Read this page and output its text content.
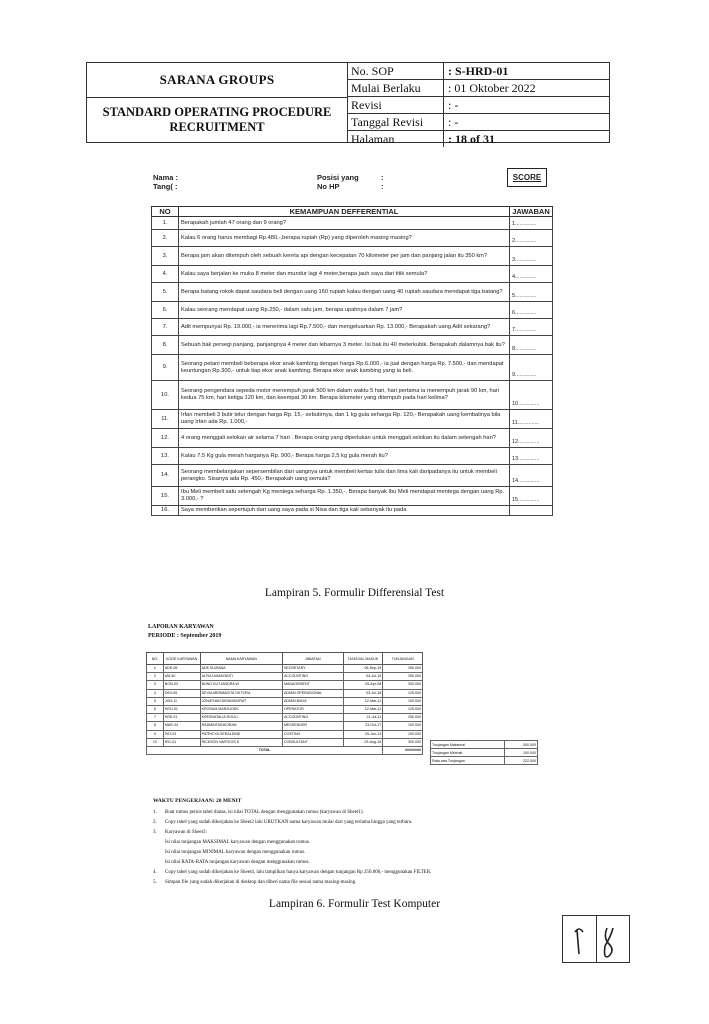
SARANA GROUPS
STANDARD OPERATING PROCEDURE
RECRUITMENT
No. SOP	: S-HRD-01
Mulai Berlaku	: 01 Oktober 2022
Revisi	: -
Tanggal Revisi	: -
Halaman	: 18 of 31
Nama :
Tang( :
Posisi yang	:
No HP	:
SCORE
NO	KEMAMPUAN DEFFERENTIAL	JAWABAN
1.	Berapakah jumlah 47 orang dan 9 orang?	1..............
2.	Kalau 6 orang harus membagi Rp.480,-,berapa rupiah (Rp) yang diperoleh masing masing?	2..............
3.	Berapa jam akan ditempuh oleh sebuah kereta api dengan kecepatan 70 kilometer per jam dan panjang jalan itu 350 km?	3..............
4.	Kalau saya berjalan ke muka 8 meter dan mundur lagi 4 meter,berapa jauh saya dari titik semula?	4..............
5.	Berapa batang rokok dapat saudara beli dengan uang 160 rupiah kalau dengan uang 40 rupiah saudara mendapat tiga batang?	5..............
6.	Kalau seorang mendapat uang Rp.250,- dalam satu jam, berapa upahnya dalam 7 jam?	6..............
7.	Adit mempunyai Rp. 19.000,- ia menerima lagi Rp.7.500,- dan mengeluarkan Rp. 13.000,- Berapakah uang Adit sekarang?	7..............
8.	Sebuah bak persegi panjang, panjangnya 4 meter dan lebarnya 3 meter. Isi bak itu 40 meterkubik. Berapakah dalamnya bak itu?	8..............
9.	Seorang petani membeli beberapa ekor anak kambing dengan harga Rp.6.000,- ia jual dengan harga Rp. 7.500,- dan mendapat keuntungan Rp.300,- untuk tiap ekor anak kambing. Berapa ekor anak kambing yang ia beli.	9..............
10.	Seorang pengendara sepeda motor menempuh jarak 500 km dalam waktu 5 hari, hari pertama ia menempuh jarak 90 km, hari kedua 75 km, hari ketiga 120 km, dan keempat 30 km. Berapa kilometer yang ditempuh pada hari kelima?	10..............
11.	Irfan membeli 3 butir telur dengan harga Rp. 15,- sebutirnya, dan 1 kg gula seharga Rp. 120,- Berapakah uang kembalinya bila uang Irfan ada Rp. 1.000,-	11..............
12.	4 orang menggali selokan air selama 7 hari . Berapa orang yang diperlukan untuk menggali selokan itu dalam setengah hari?	12..............
13.	Kalau 7,5 Kg gula merah harganya Rp. 900,- Berapa harga 2,5 kg gula merah itu?	13..............
14.	Seorang membelanjakan sepersembilan dari uangnya untuk membeli kertas tulis dan lima kali daripadanya itu untuk membeli perangko. Sisanya ada Rp. 450,- Berapakah uang semula?	14..............
15.	Ibu Meli membeli satu setengah Kg mentega seharga Rp. 1.350,-. Berapa banyak Ibu Meli mendapat mentega dengan uang Rp. 3.000,- ?	15..............
16.	Saya memberikan sepertujuh dari uang saya pada si Nisa dan tiga kali sebanyak itu pada	
Lampiran 5. Formulir Differensial Test
LAPORAN KARYAWAN
PERIODE : September 2019
NO.	KODE KARYAWAN	NAMA KARYAWAN	JABATAN	TANGGAL MASUK	TUNJANGAN
1	ADE-06	ADE SUZIANA	SECRETARY	06-Sep-19	250.000
2	AM-50	ALFIA DAMAYANTI	ACCOUNTING	04-Jul-15	250.000
3	BON-03	BONG KUTJANDRA W	MANAGEMENT	05-Apr-08	300.000
4	DEV-06	DEVIA MERMADITA OKTORA	ADMIN OPERASIONAL	03-Jul-18	125.000
5	JON-11	JONATHAN DIRANINGRAT	ADMIN BIAYA	12-Mar-11	150.000
6	KRO-01	KROSUM MARZUOEK	OPERATOR	12-Mar-11	125.000
7	KRE-01	KRESNATALIA ROULI	ACCOUNTING	21-Jul-11	250.000
8	MAR-34	RADMINTARIKORAN	MESSENGER	23-Oct-17	100.000
9	PAT-03	PATRICYA GERALDINE	COSTING	25-Jun-13	150.000
10	RIC-01	RICKSON VARTEGS K	CONSULTANT	25-Aug-15	300.000
TOTAL					########
Tunjangan Maksimal	300.000
Tunjangan Minimal	100.000
Rata-rata Tunjangan	222.000
WAKTU PENGERJAAN: 20 MENIT
1. Buat rumus pernis tabel diatas, isi nilai TOTAL dengan menggunakan rumus (karyawan di Sheet1).
2. Copy tabel yang sudah dikerjakan ke Sheet2 lalu URUTKAN nama karyawan mulai dari yang terlama hingga yang terbaru.
3. Karyawan di Sheet3:
Isi nilai tunjangan MAKSIMAL karyawan dengan menggunakan rumus.
Isi nilai tunjangan MINIMAL karyawan dengan menggunakan rumus.
Isi nilai RATA-RATA tunjangan karyawan dengan menggunakan rumus.
4. Copy tabel yang sudah dikerjakan ke Sheet4, lalu tampilkan hanya karyawan dengan tunjangan Rp 250.000,- menggunakan FILTER.
5. Simpan file yang sudah dikerjakan di desktop dan diberi nama file sesuai nama masing-masing.
Lampiran 6. Formulir Test Komputer
